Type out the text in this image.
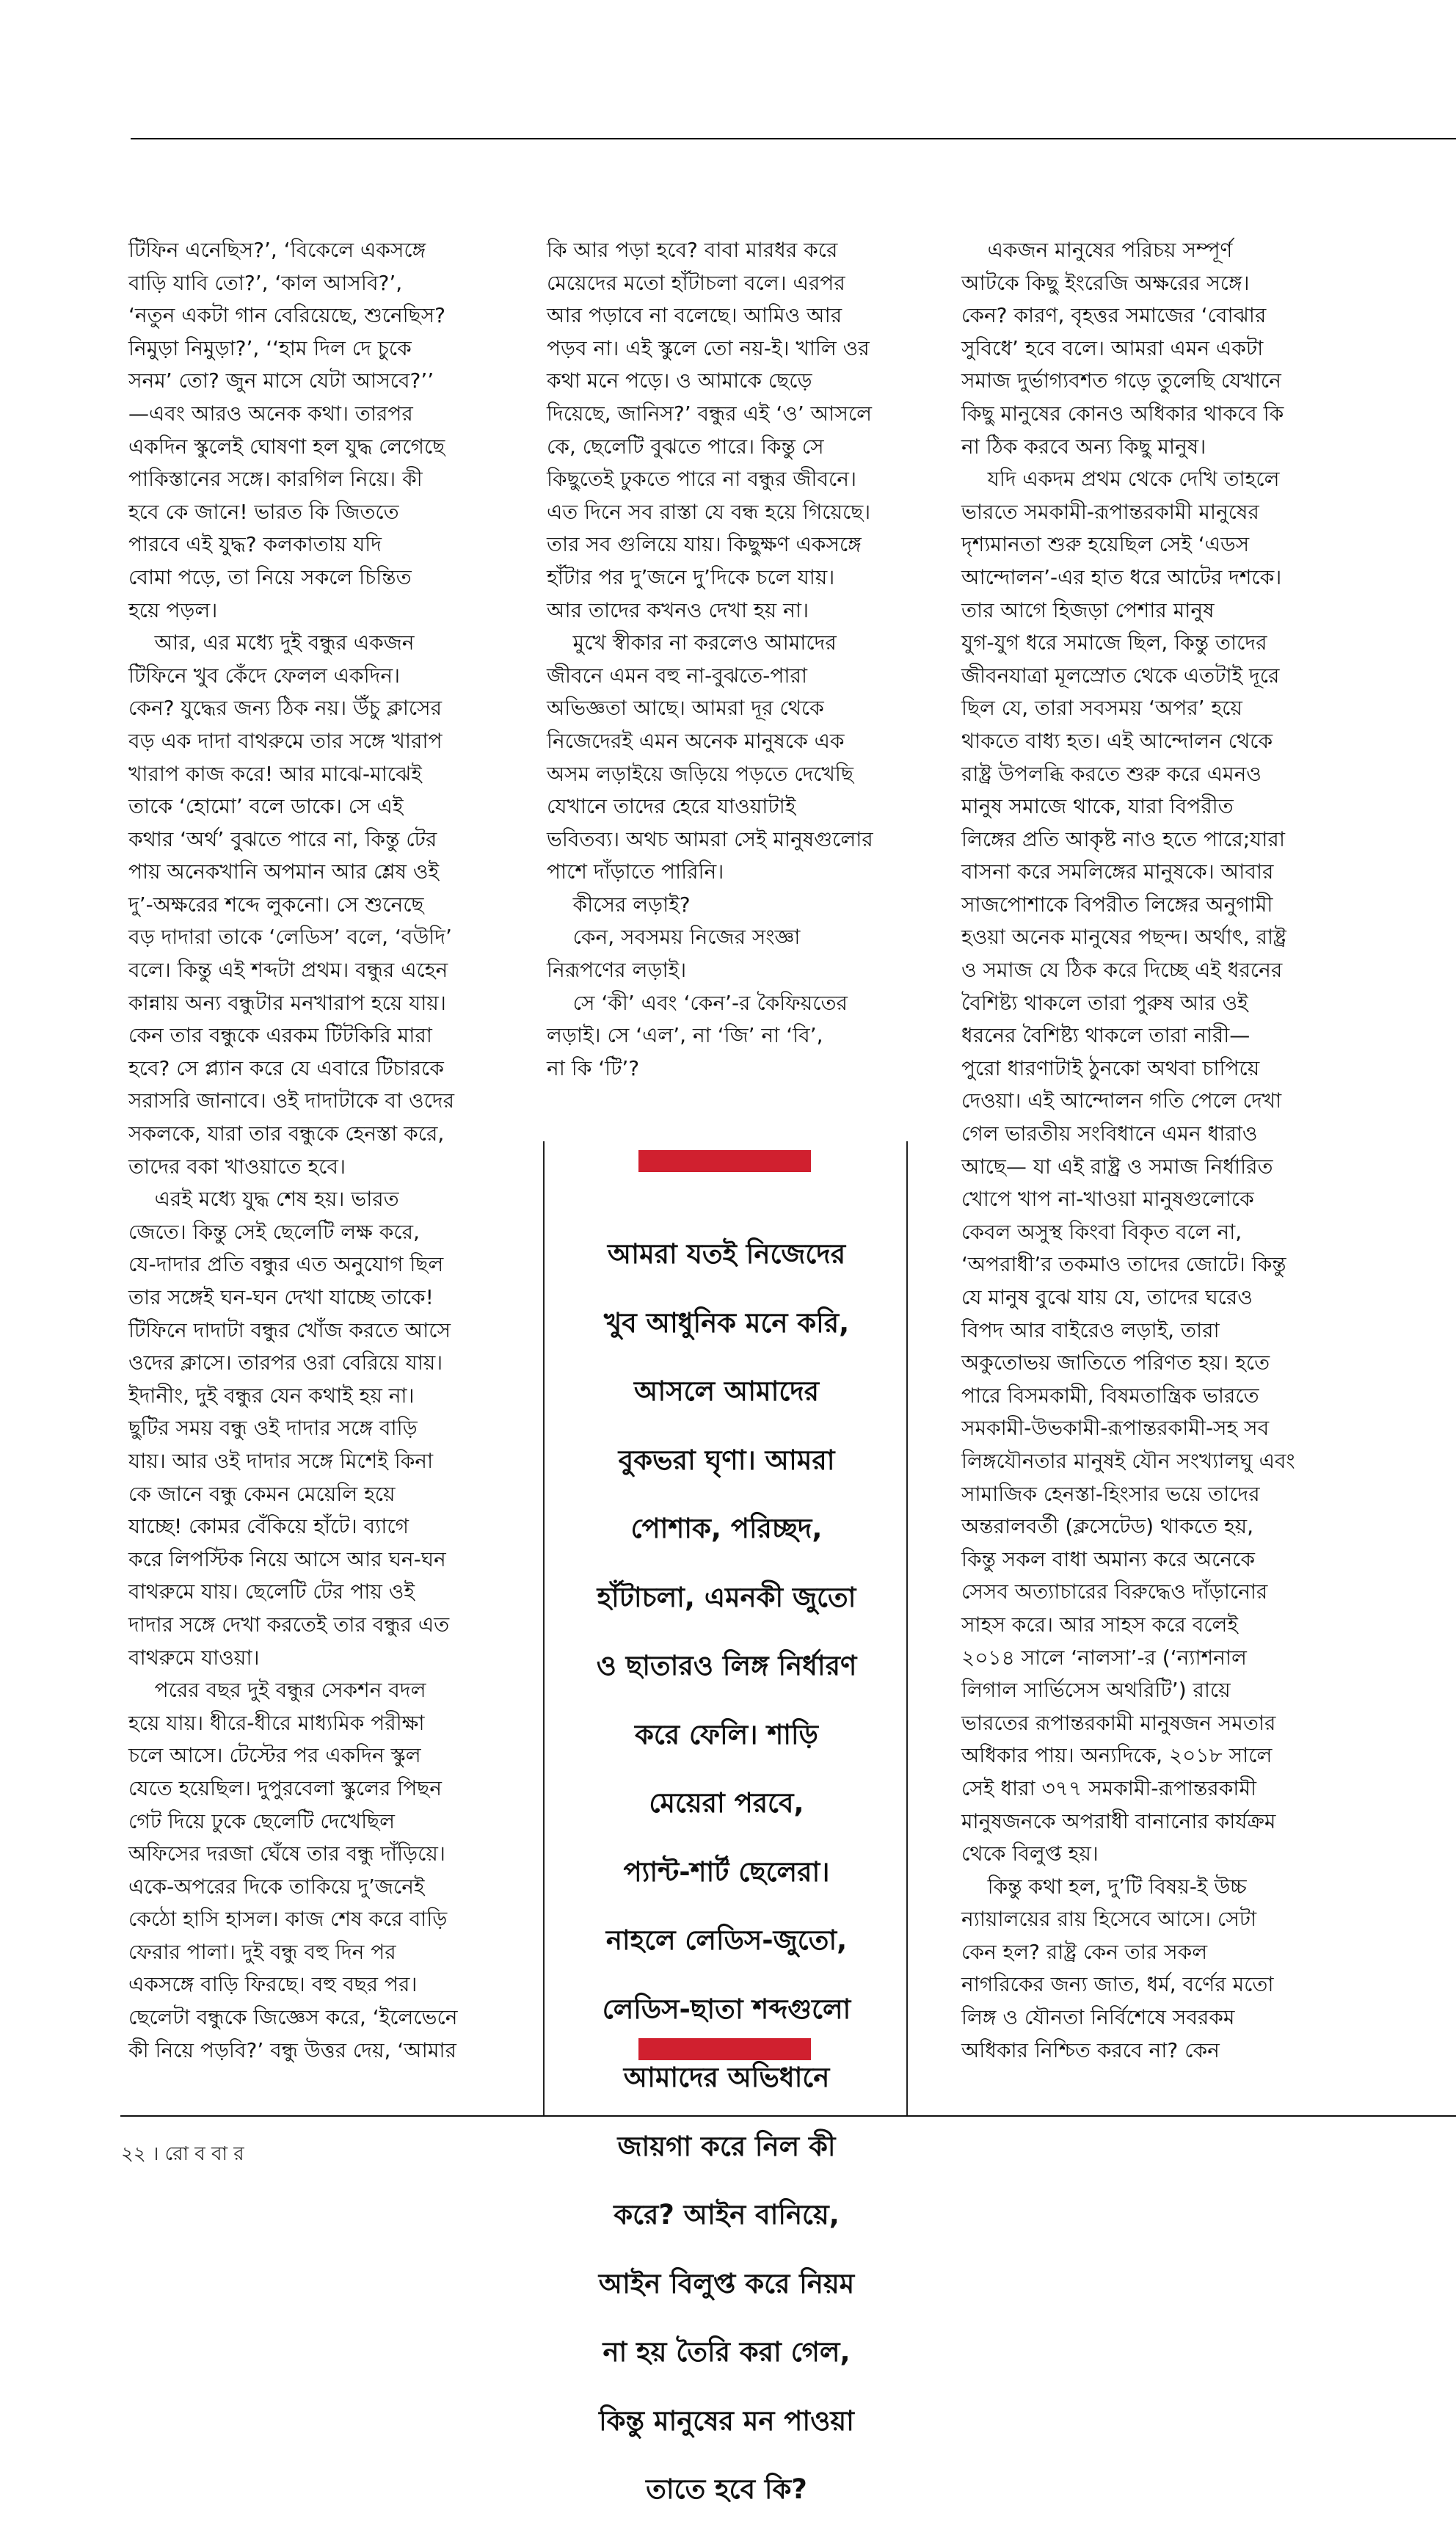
টিফিন এনেছিস?’, ‘বিকেলে একসঙ্গে

বাড়ি যাবি তো?’, ‘কাল আসবি?’,

‘নতুন একটা গান বেরিয়েছে, শুনেছিস?

নিমুড়া নিমুড়া?’, ‘‘হাম দিল দে চুকে

সনম’ তো? জুন মাসে যেটা আসবে?’’

—এবং আরও অনেক কথা। তারপর

একদিন স্কুলেই ঘোষণা হল যুদ্ধ লেগেছে

পাকিস্তানের সঙ্গে। কারগিল নিয়ে। কী

হবে কে জানে! ভারত কি জিততে

পারবে এই যুদ্ধ? কলকাতায় যদি

বোমা পড়ে, তা নিয়ে সকলে চিন্তিত

হয়ে পড়ল।

আর, এর মধ্যে দুই বন্ধুর একজন

টিফিনে খুব কেঁদে ফেলল একদিন।

কেন? যুদ্ধের জন্য ঠিক নয়। উঁচু ক্লাসের

বড় এক দাদা বাথরুমে তার সঙ্গে খারাপ

খারাপ কাজ করে! আর মাঝে-মাঝেই

তাকে ‘হোমো’ বলে ডাকে। সে এই

কথার ‘অর্থ’ বুঝতে পারে না, কিন্তু টের

পায় অনেকখানি অপমান আর শ্লেষ ওই

দু’-অক্ষরের শব্দে লুকনো। সে শুনেছে

বড় দাদারা তাকে ‘লেডিস’ বলে, ‘বউদি’

বলে। কিন্তু এই শব্দটা প্রথম। বন্ধুর এহেন

কান্নায় অন্য বন্ধুটার মনখারাপ হয়ে যায়।

কেন তার বন্ধুকে এরকম টিটকিরি মারা

হবে? সে প্ল্যান করে যে এবারে টিচারকে

সরাসরি জানাবে। ওই দাদাটাকে বা ওদের

সকলকে, যারা তার বন্ধুকে হেনস্তা করে,

তাদের বকা খাওয়াতে হবে।

এরই মধ্যে যুদ্ধ শেষ হয়। ভারত

জেতে। কিন্তু সেই ছেলেটি লক্ষ করে,

যে-দাদার প্রতি বন্ধুর এত অনুযোগ ছিল

তার সঙ্গেই ঘন-ঘন দেখা যাচ্ছে তাকে!

টিফিনে দাদাটা বন্ধুর খোঁজ করতে আসে

ওদের ক্লাসে। তারপর ওরা বেরিয়ে যায়।

ইদানীং, দুই বন্ধুর যেন কথাই হয় না।

ছুটির সময় বন্ধু ওই দাদার সঙ্গে বাড়ি

যায়। আর ওই দাদার সঙ্গে মিশেই কিনা

কে জানে বন্ধু কেমন মেয়েলি হয়ে

যাচ্ছে! কোমর বেঁকিয়ে হাঁটে। ব্যাগে

করে লিপস্টিক নিয়ে আসে আর ঘন-ঘন

বাথরুমে যায়। ছেলেটি টের পায় ওই

দাদার সঙ্গে দেখা করতেই তার বন্ধুর এত

বাথরুমে যাওয়া।

পরের বছর দুই বন্ধুর সেকশন বদল

হয়ে যায়। ধীরে-ধীরে মাধ্যমিক পরীক্ষা

চলে আসে। টেস্টের পর একদিন স্কুল

যেতে হয়েছিল। দুপুরবেলা স্কুলের পিছন

গেট দিয়ে ঢুকে ছেলেটি দেখেছিল

অফিসের দরজা ঘেঁষে তার বন্ধু দাঁড়িয়ে।

একে-অপরের দিকে তাকিয়ে দু’জনেই

কেঠো হাসি হাসল। কাজ শেষ করে বাড়ি

ফেরার পালা। দুই বন্ধু বহু দিন পর

একসঙ্গে বাড়ি ফিরছে। বহু বছর পর।

ছেলেটা বন্ধুকে জিজ্ঞেস করে, ‘ইলেভেনে

কী নিয়ে পড়বি?’ বন্ধু উত্তর দেয়, ‘আমার

কি আর পড়া হবে? বাবা মারধর করে

মেয়েদের মতো হাঁটাচলা বলে। এরপর

আর পড়াবে না বলেছে। আমিও আর

পড়ব না। এই স্কুলে তো নয়-ই। খালি ওর

কথা মনে পড়ে। ও আমাকে ছেড়ে

দিয়েছে, জানিস?’ বন্ধুর এই ‘ও’ আসলে

কে, ছেলেটি বুঝতে পারে। কিন্তু সে

কিছুতেই ঢুকতে পারে না বন্ধুর জীবনে।

এত দিনে সব রাস্তা যে বন্ধ হয়ে গিয়েছে।

তার সব গুলিয়ে যায়। কিছুক্ষণ একসঙ্গে

হাঁটার পর দু’জনে দু’দিকে চলে যায়।

আর তাদের কখনও দেখা হয় না।

মুখে স্বীকার না করলেও আমাদের

জীবনে এমন বহু না-বুঝতে-পারা

অভিজ্ঞতা আছে। আমরা দূর থেকে

নিজেদেরই এমন অনেক মানুষকে এক

অসম লড়াইয়ে জড়িয়ে পড়তে দেখেছি

যেখানে তাদের হেরে যাওয়াটাই

ভবিতব্য। অথচ আমরা সেই মানুষগুলোর

পাশে দাঁড়াতে পারিনি।

কীসের লড়াই?

কেন, সবসময় নিজের সংজ্ঞা

নিরূপণের লড়াই।

সে ‘কী’ এবং ‘কেন’-র কৈফিয়তের

লড়াই। সে ‘এল’, না ‘জি’ না ‘বি’,

না কি ‘টি’?

একজন মানুষের পরিচয় সম্পূর্ণ

আটকে কিছু ইংরেজি অক্ষরের সঙ্গে।

কেন? কারণ, বৃহত্তর সমাজের ‘বোঝার

সুবিধে’ হবে বলে। আমরা এমন একটা

সমাজ দুর্ভাগ্যবশত গড়ে তুলেছি যেখানে

কিছু মানুষের কোনও অধিকার থাকবে কি

না ঠিক করবে অন্য কিছু মানুষ।

যদি একদম প্রথম থেকে দেখি তাহলে

ভারতে সমকামী-রূপান্তরকামী মানুষের

দৃশ্যমানতা শুরু হয়েছিল সেই ‘এডস

আন্দোলন’-এর হাত ধরে আটের দশকে।

তার আগে হিজড়া পেশার মানুষ

যুগ-যুগ ধরে সমাজে ছিল, কিন্তু তাদের

জীবনযাত্রা মূলস্রোত থেকে এতটাই দূরে

ছিল যে, তারা সবসময় ‘অপর’ হয়ে

থাকতে বাধ্য হত। এই আন্দোলন থেকে

রাষ্ট্র উপলব্ধি করতে শুরু করে এমনও

মানুষ সমাজে থাকে, যারা বিপরীত

লিঙ্গের প্রতি আকৃষ্ট নাও হতে পারে;যারা

বাসনা করে সমলিঙ্গের মানুষকে। আবার

সাজপোশাকে বিপরীত লিঙ্গের অনুগামী

হওয়া অনেক মানুষের পছন্দ। অর্থাৎ, রাষ্ট্র

ও সমাজ যে ঠিক করে দিচ্ছে এই ধরনের

বৈশিষ্ট্য থাকলে তারা পুরুষ আর ওই

ধরনের বৈশিষ্ট্য থাকলে তারা নারী—

পুরো ধারণাটাই ঠুনকো অথবা চাপিয়ে

দেওয়া। এই আন্দোলন গতি পেলে দেখা

গেল ভারতীয় সংবিধানে এমন ধারাও

আছে— যা এই রাষ্ট্র ও সমাজ নির্ধারিত

খোপে খাপ না-খাওয়া মানুষগুলোকে

কেবল অসুস্থ কিংবা বিকৃত বলে না,

‘অপরাধী’র তকমাও তাদের জোটে। কিন্তু

যে মানুষ বুঝে যায় যে, তাদের ঘরেও

বিপদ আর বাইরেও লড়াই, তারা

অকুতোভয় জাতিতে পরিণত হয়। হতে

পারে বিসমকামী, বিষমতান্ত্রিক ভারতে

সমকামী-উভকামী-রূপান্তরকামী-সহ সব

লিঙ্গযৌনতার মানুষই যৌন সংখ্যালঘু এবং

সামাজিক হেনস্তা-হিংসার ভয়ে তাদের

অন্তরালবর্তী (ক্লসেটেড) থাকতে হয়,

কিন্তু সকল বাধা অমান্য করে অনেকে

সেসব অত্যাচারের বিরুদ্ধেও দাঁড়ানোর

সাহস করে। আর সাহস করে বলেই

২০১৪ সালে ‘নালসা’-র (‘ন্যাশনাল

লিগাল সার্ভিসেস অথরিটি’) রায়ে

ভারতের রূপান্তরকামী মানুষজন সমতার

অধিকার পায়। অন্যদিকে, ২০১৮ সালে

সেই ধারা ৩৭৭ সমকামী-রূপান্তরকামী

মানুষজনকে অপরাধী বানানোর কার্যক্রম

থেকে বিলুপ্ত হয়।

কিন্তু কথা হল, দু’টি বিষয়-ই উচ্চ

ন্যায়ালয়ের রায় হিসেবে আসে। সেটা

কেন হল? রাষ্ট্র কেন তার সকল

নাগরিকের জন্য জাত, ধর্ম, বর্ণের মতো

লিঙ্গ ও যৌনতা নির্বিশেষে সবরকম

অধিকার নিশ্চিত করবে না? কেন

আমরা যতই নিজেদের

খুব আধুনিক মনে করি,

আসলে আমাদের

বুকভরা ঘৃণা। আমরা

পোশাক, পরিচ্ছদ,

হাঁটাচলা, এমনকী জুতো

ও ছাতারও লিঙ্গ নির্ধারণ

করে ফেলি। শাড়ি

মেয়েরা পরবে,

প্যান্ট-শার্ট ছেলেরা।

নাহলে লেডিস-জুতো,

লেডিস-ছাতা শব্দগুলো

আমাদের অভিধানে

জায়গা করে নিল কী

করে? আইন বানিয়ে,

আইন বিলুপ্ত করে নিয়ম

না হয় তৈরি করা গেল,

কিন্তু মানুষের মন পাওয়া

তাতে হবে কি?

২২ । রো ব বা র
